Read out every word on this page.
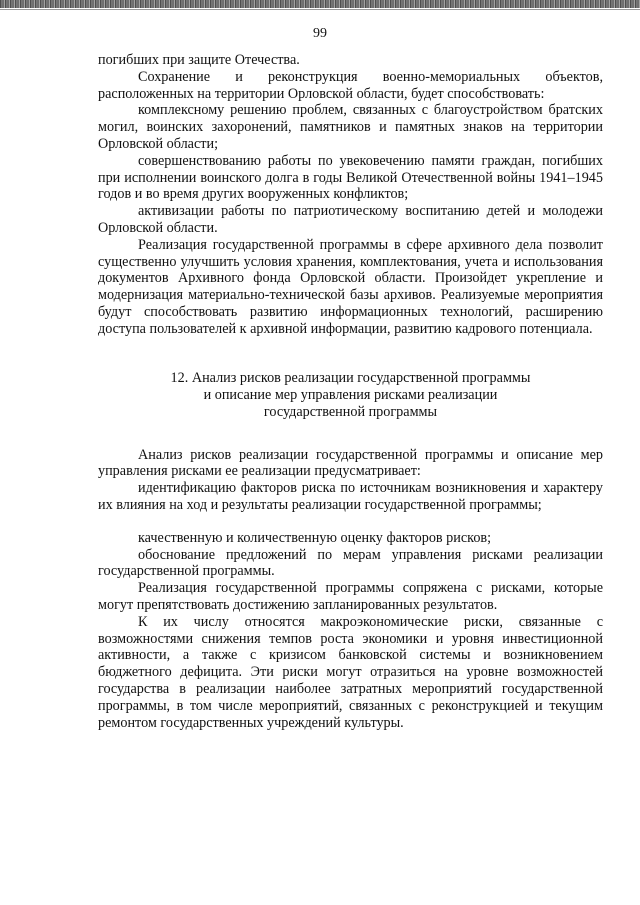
99

погибших при защите Отечества.

Сохранение и реконструкция военно-мемориальных объектов, расположенных на территории Орловской области, будет способствовать:

комплексному решению проблем, связанных с благоустройством братских могил, воинских захоронений, памятников и памятных знаков на территории Орловской области;

совершенствованию работы по увековечению памяти граждан, погибших при исполнении воинского долга в годы Великой Отечественной войны 1941–1945 годов и во время других вооруженных конфликтов;

активизации работы по патриотическому воспитанию детей и молодежи Орловской области.

Реализация государственной программы в сфере архивного дела позволит существенно улучшить условия хранения, комплектования, учета и использования документов Архивного фонда Орловской области. Произойдет укрепление и модернизация материально-технической базы архивов. Реализуемые мероприятия будут способствовать развитию информационных технологий, расширению доступа пользователей к архивной информации, развитию кадрового потенциала.

12. Анализ рисков реализации государственной программы
и описание мер управления рисками реализации
государственной программы

Анализ рисков реализации государственной программы и описание мер управления рисками ее реализации предусматривает:

идентификацию факторов риска по источникам возникновения и характеру их влияния на ход и результаты реализации государственной программы;

качественную и количественную оценку факторов рисков;

обоснование предложений по мерам управления рисками реализации государственной программы.

Реализация государственной программы сопряжена с рисками, которые могут препятствовать достижению запланированных результатов.

К их числу относятся макроэкономические риски, связанные с возможностями снижения темпов роста экономики и уровня инвестиционной активности, а также с кризисом банковской системы и возникновением бюджетного дефицита. Эти риски могут отразиться на уровне возможностей государства в реализации наиболее затратных мероприятий государственной программы, в том числе мероприятий, связанных с реконструкцией и текущим ремонтом государственных учреждений культуры.
